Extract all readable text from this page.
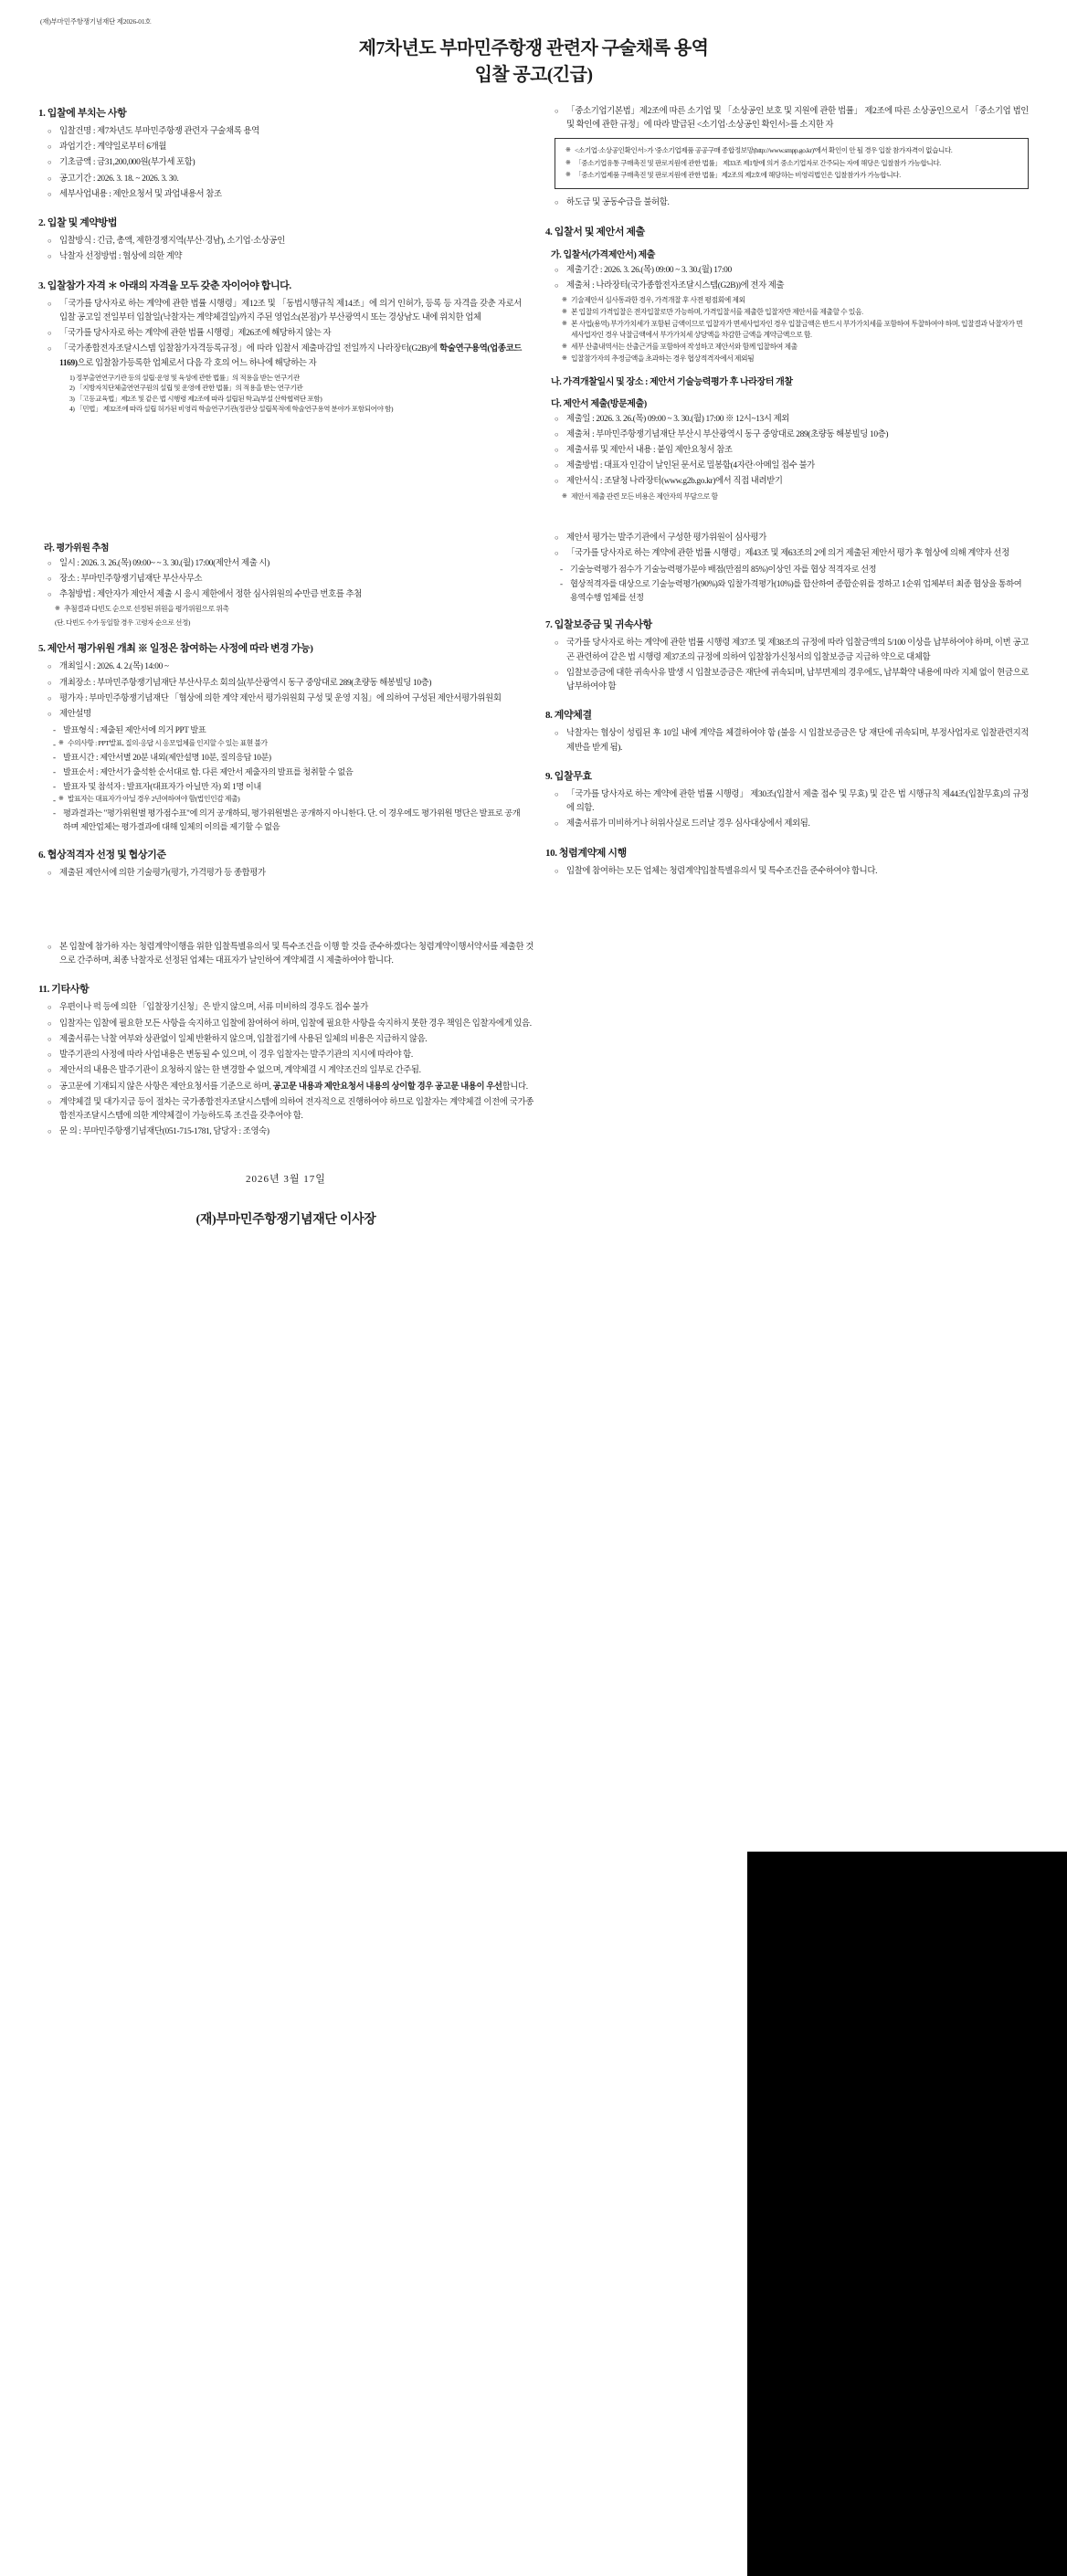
(재)부마민주항쟁기념재단 제2026-01호
제7차년도 부마민주항쟁 관련자 구술채록 용역
입찰 공고(긴급)
1. 입찰에 부치는 사항
○ 입찰건명 : 제7차년도 부마민주항쟁 관련자 구술채록 용역
○ 과업기간 : 계약일로부터 6개월
○ 기초금액 : 금31,200,000원(부가세 포함)
○ 공고기간 : 2026. 3. 18. ~ 2026. 3. 30.
○ 세부사업내용 : 제안요청서 및 과업내용서 참조
2. 입찰 및 계약방법
○ 입찰방식 : 긴급, 총액, 제한경쟁지역(부산·경남), 소기업·소상공인
○ 낙찰자 선정방법 : 협상에 의한 계약
3. 입찰참가 자격 ＊ 아래의 자격을 모두 갖춘 자이어야 합니다.
○ 「국가를 당사자로 하는 계약에 관한 법률 시행령」제12조 및 「동법시행규칙 제14조」에 의거 인허가, 등록 등 자격을 갖춘 자로서 입찰 공고일 전일부터 입찰일(낙찰자는 계약체결일)까지 주된 영업소(본점)가 부산광역시 또는 경상남도 내에 위치한 업체
○ 「국가를 당사자로 하는 계약에 관한 법률 시행령」제26조에 해당하지 않는 자
○ 「국가종합전자조달시스템 입찰참가자격등록규정」에 따라 입찰서 제출마감일 전일까지 나라장터(G2B)에 학술연구용역(업종코드 1169)으로 입찰참가등록한 업체로서 다음 각 호의 어느 하나에 해당하는 자
1) 정부출연연구기관 등의 설립·운영 및 육성에 관한 법률」의 적용을 받는 연구기관
2) 「지방자치단체출연연구원의 설립 및 운영에 관한 법률」의 적용을 받는 연구기관
3) 「고등교육법」제2조 및 같은 법 시행령 제2조에 따라 설립된 학교(부설 산학협력단 포함)
4) 「민법」 제32조에 따라 설립 허가된 비영리 학술연구기관(정관상 설립목적에 학술연구용역 분야가 포함되어야 함)
○ 「중소기업기본법」제2조에 따른 소기업 및 「소상공인 보호 및 지원에 관한 법률」 제2조에 따른 소상공인으로서 「중소기업 법인 및 확인에 관한 규정」에 따라 발급된 <소기업·소상공인 확인서>를 소지한 자
※ <소기업·소상공인확인서>가 '중소기업제품 공공구매 종합정보망(http://www.smpp.go.kr)'에서 확인이 안 될 경우 입찰 참가자격이 없습니다.
※ 「중소기업유통 구매촉진 및 판로지원에 관한 법률」 제33조 제1항에 의거 중소기업자로 간주되는 자에 해당은 입찰참가 가능합니다.
※ 「중소기업제품 구매촉진 및 판로지원에 관한 법률」제2조의 제2호에 해당하는 비영리법인은 입찰참가가 가능합니다.
○ 하도급 및 공동수급을 불허함.
4. 입찰서 및 제안서 제출
가. 입찰서(가격제안서) 제출
○ 제출기간 : 2026. 3. 26.(목) 09:00 ~ 3. 30.(월) 17:00
○ 제출처 : 나라장터(국가종합전자조달시스템(G2B))에 전자 제출
※ 기술제안서 심사통과한 경우, 가격개찰 후 사전 평점회에 제외
※ 본 입찰의 가격입찰은 전자입찰로만 가능하며, 가격입찰서를 제출한 입찰자만 제안서를 제출할 수 있음.
※ 본 사업(용역) 부가가치세가 포함된 금액이므로 입찰자가 면세사업자인 경우 입찰금액은 반드시 부가가치세를 포함하여 투찰하여야 하며, 입찰결과 낙찰자가 면세사업자인 경우 낙찰금액에서 부가가치세 상당액을 차감한 금액을 계약금액으로 함.
※ 세부 산출내역서는 산출근거를 포함하여 작성하고 제안서와 함께 입찰하여 제출
※ 입찰참가자의 추정금액을 초과하는 경우 협상적격자에서 제외됨
나. 가격개찰일시 및 장소 : 제안서 기술능력평가 후 나라장터 개찰
다. 제안서 제출(방문제출)
○ 제출일 : 2026. 3. 26.(목) 09:00 ~ 3. 30.(월) 17:00 ※ 12시~13시 제외
○ 제출처 : 부마민주항쟁기념재단 부산시 부산광역시 동구 중앙대로 289(초량동 해봉빌딩 10층)
○ 제출서류 및 제안서 내용 : 붙임 제안요청서 참조
○ 제출방법 : 대표자 인감이 날인된 문서로 밀봉함(4자란·아메일 접수 불가
○ 제안서식 : 조달청 나라장터(www.g2b.go.kr)에서 직접 내려받기
※ 제안서 제출 관련 모든 비용은 제안자의 부담으로 함
라. 평가위원 추첨
○ 일시 : 2026. 3. 26.(목) 09:00~ ~ 3. 30.(월) 17:00(제안서 제출 시)
○ 장소 : 부마민주항쟁기념재단 부산사무소
○ 추첨방법 : 제안자가 제안서 제출 시 응시 제한에서 정한 심사위원의 수만큼 번호를 추첨
※ 추첨결과 다빈도 순으로 선정된 위원을 평가위원으로 위촉
(단. 다빈도 수가 동일할 경우 고령자 순으로 선정)
5. 제안서 평가위원 개최 ※ 일정은 참여하는 사정에 따라 변경 가능)
○ 개최일시 : 2026. 4. 2.(목) 14:00 ~
○ 개최장소 : 부마민주항쟁기념재단 부산사무소 회의실(부산광역시 동구 중앙대로 289(초량동 해봉빌딩 10층)
○ 평가자 : 부마민주항쟁기념재단 「협상에 의한 계약 제안서 평가위원회 구성 및 운영 지침」에 의하여 구성된 제안서평가위원회
○ 제안설명
- 발표형식 : 제출된 제안서에 의거 PPT 발표
※ - 수의사항 : PPT발표, 질의·응답 시 응모업체를 인지할 수 있는 표현 불가
- 발표시간 : 제안서별 20분 내외(제안설명 10분, 질의응답 10분)
- 발표순서 : 제안서가 출석한 순서대로 함. 다른 제안서 제출자의 발표를 청취할 수 없음
- 발표자 및 참석자 : 발표자(대표자가 아닐만 자) 외 1명 이내
※ - 발표자는 대표자가 아닐 경우 2년여하여야 함(법인인감 제출)
- 평과결과는 "평가위원별 평가점수표"에 의거 공개하되, 평가위원별은 공개하지 아니한다. 단. 이 경우에도 평가위원 명단은 발표로 공개하며 제안업체는 평가결과에 대해 일체의 이의를 제기할 수 없음
6. 협상적격자 선정 및 협상기준
○ 제출된 제안서에 의한 기술평가(평가, 가격평가 등 종합평가
○ 제안서 평가는 발주기관에서 구성한 평가위원이 심사평가
○ 「국가를 당사자로 하는 계약에 관한 법률 시행령」제43조 및 제63조의 2에 의거 제출된 제안서 평가 후 협상에 의해 계약자 선정
- 기술능력평가 점수가 기술능력평가분야 배점(만점의 85%)이상인 자를 협상 적격자로 선정
- 협상적격자를 대상으로 기술능력평가(90%)와 입찰가격평가(10%)를 합산하여 종합순위를 정하고 1순위 업체부터 최종 협상을 통하여 용역수행 업체를 선정
7. 입찰보증금 및 귀속사항
○ 국가를 당사자로 하는 계약에 관한 법률 시행령 제37조 및 제38조의 규정에 따라 입찰금액의 5/100 이상을 납부하여야 하며, 이번 공고곤 관련하여 같은 법 시행령 제37조의 규정에 의하여 입찰참가신청서의 입찰보증금 지급하 약으로 대체함
○ 입찰보증금에 대한 귀속사유 발생 시 입찰보증금은 재단에 귀속되며, 납부면제의 경우에도, 납부확약 내용에 따라 지체 없이 현금으로 납부하여야 함
8. 계약체결
○ 낙찰자는 협상이 성립된 후 10일 내에 계약을 체결하여야 함 (불응 시 입찰보증금은 당 재단에 귀속되며, 부정사업자로 입찰관련지적 제반을 받게 됨).
9. 입찰무효
○ 「국가를 당사자로 하는 계약에 관한 법률 시행령」 제30조(입찰서 제출 접수 및 무효) 및 같은 법 시행규칙 제44조(입찰무효)의 규정에 의함.
○ 제출서류가 미비하거나 허위사실로 드러날 경우 심사대상에서 제외됨.
10. 청렴계약제 시행
○ 입찰에 참여하는 모든 업체는 청렴계약입찰특별유의서 및 특수조건을 준수하여야 합니다.
○ 본 입찰에 참가하 자는 청렴계약이행을 위한 입찰특별유의서 및 특수조건을 이행 할 것을 준수하겠다는 청렴계약이행서약서를 제출한 것으로 간주하며, 최종 낙찰자로 선정된 업체는 대표자가 날인하여 계약체결 시 제출하여야 합니다.
11. 기타사항
○ 우편이나 퍽 등에 의한 「입찰장기신청」은 받지 않으며, 서류 미비하의 경우도 접수 불가
○ 입찰자는 입찰에 필요한 모든 사항을 숙지하고 입찰에 참여하여 하며, 입찰에 필요한 사항을 숙지하지 못한 경우 책임은 입찰자에게 있음.
○ 제출서류는 낙찰 여부와 상관없이 일체 반환하지 않으며, 입찰접기에 사용된 일체의 비용은 지급하지 않음.
○ 발주기관의 사정에 따라 사업내용은 변동될 수 있으며, 이 경우 입찰자는 발주기관의 지시에 따라야 함.
○ 제안서의 내용은 발주기관이 요청하지 않는 한 변경할 수 없으며, 계약체결 시 계약조건의 일부로 간주됨.
○ 공고문에 기재되지 않은 사항은 제안요청서를 기준으로 하며, 공고문 내용과 제안요청서 내용의 상이할 경우 공고문 내용이 우선합니다.
○ 계약체결 및 대가지급 등이 절차는 국가종합전자조달시스템에 의하여 전자적으로 진행하여야 하므로 입찰자는 계약체결 이전에 국가종합전자조달시스템에 의한 계약체결이 가능하도록 조건을 갖추어야 함.
○ 문 의 : 부마민주항쟁기념재단(051-715-1781, 담당자 : 조영숙)
2026년 3월 17일
(재)부마민주항쟁기념재단 이사장
